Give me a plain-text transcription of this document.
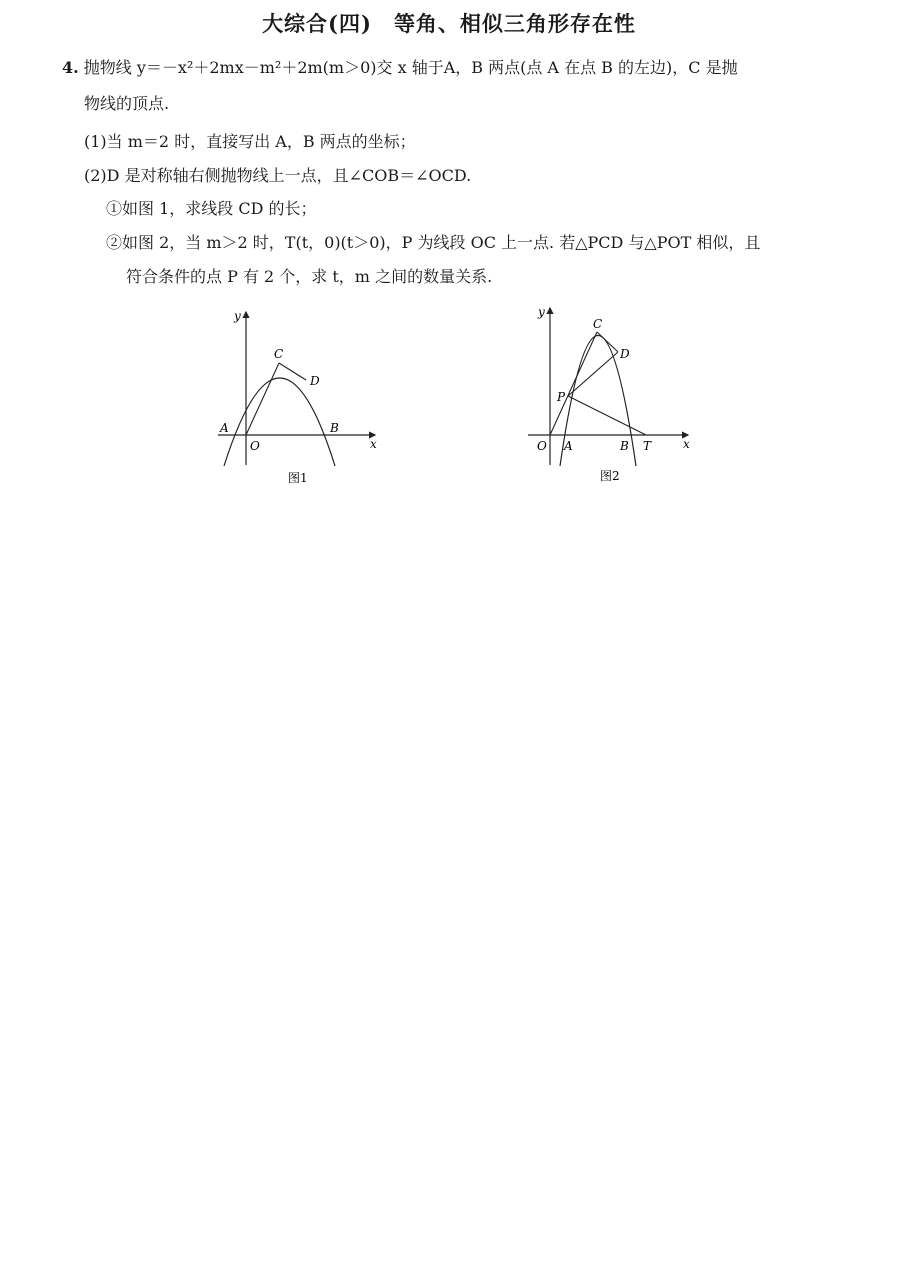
大综合(四) 等角、相似三角形存在性
4. 抛物线 y＝－x²＋2mx－m²＋2m(m＞0)交 x 轴于A，B 两点(点 A 在点 B 的左边)，C 是抛
物线的顶点.
(1)当 m＝2 时，直接写出 A，B 两点的坐标；
(2)D 是对称轴右侧抛物线上一点，且∠COB＝∠OCD.
①如图 1，求线段 CD 的长；
②如图 2，当 m＞2 时，T(t，0)(t＞0)，P 为线段 OC 上一点. 若△PCD 与△POT 相似，且
符合条件的点 P 有 2 个，求 t，m 之间的数量关系.
y
x
O
A	B
C
D
图1
y
x
O A	B T
C
D
P
图2
